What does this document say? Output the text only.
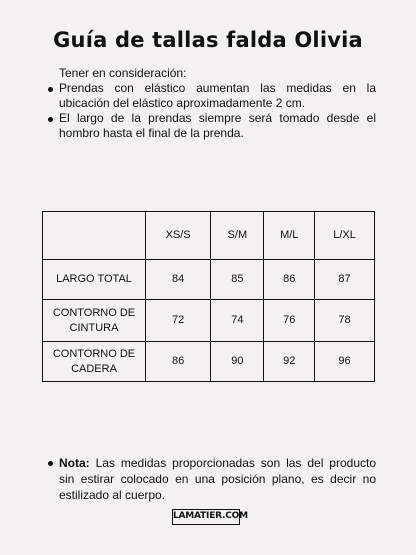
Guía de tallas falda Olivia
Tener en consideración:
Prendas con elástico aumentan las medidas en la ubicación del elástico aproximadamente 2 cm.
El largo de la prendas siempre será tomado desde el hombro hasta el final de la prenda.
	XS/S	S/M	M/L	L/XL
LARGO TOTAL	84	85	86	87
CONTORNO DE CINTURA	72	74	76	78
CONTORNO DE CADERA	86	90	92	96
Nota: Las medidas proporcionadas son las del producto sin estirar colocado en una posición plano, es decir no estilizado al cuerpo.
LAMATIER.COM
